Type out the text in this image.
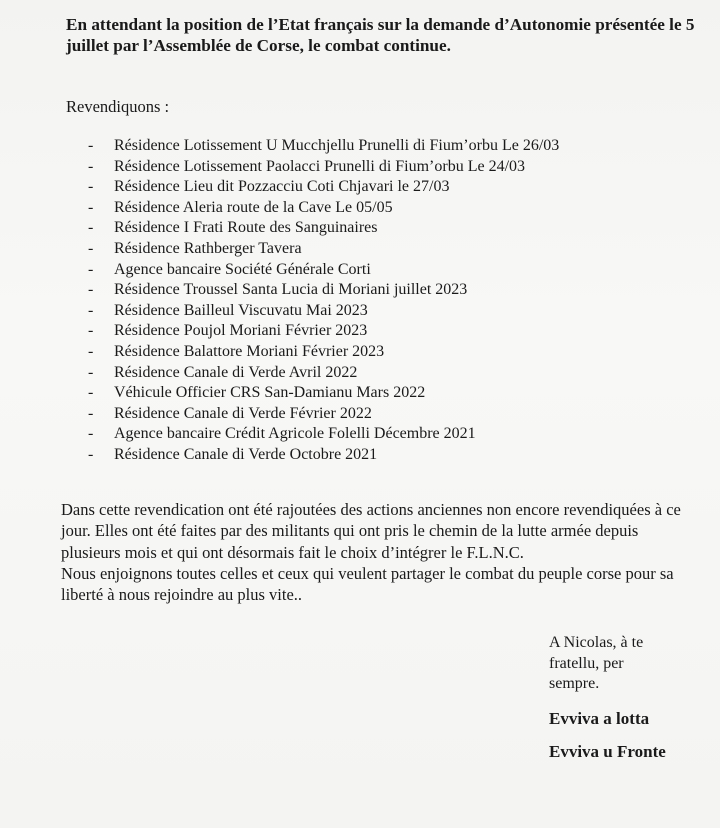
En attendant la position de l’Etat français sur la demande d’Autonomie présentée le 5 juillet par l’Assemblée de Corse, le combat continue.
Revendiquons :
- Résidence Lotissement U Mucchjellu Prunelli di Fium’orbu Le 26/03
- Résidence Lotissement Paolacci Prunelli di Fium’orbu Le 24/03
- Résidence Lieu dit Pozzacciu Coti Chjavari le 27/03
- Résidence Aleria route de la Cave Le 05/05
- Résidence I Frati Route des Sanguinaires
- Résidence Rathberger Tavera
- Agence bancaire Société Générale Corti
- Résidence Troussel Santa Lucia di Moriani juillet 2023
- Résidence Bailleul Viscuvatu Mai 2023
- Résidence Poujol Moriani Février 2023
- Résidence Balattore Moriani Février 2023
- Résidence Canale di Verde Avril 2022
- Véhicule Officier CRS San-Damianu Mars 2022
- Résidence Canale di Verde Février 2022
- Agence bancaire Crédit Agricole Folelli Décembre 2021
- Résidence Canale di Verde Octobre 2021

Dans cette revendication ont été rajoutées des actions anciennes non encore revendiquées à ce jour. Elles ont été faites par des militants qui ont pris le chemin de la lutte armée depuis plusieurs mois et qui ont désormais fait le choix d’intégrer le F.L.N.C.

Nous enjoignons toutes celles et ceux qui veulent partager le combat du peuple corse pour sa liberté à nous rejoindre au plus vite..

A Nicolas, à te fratellu, per sempre.
Evviva a lotta
Evviva u Fronte
